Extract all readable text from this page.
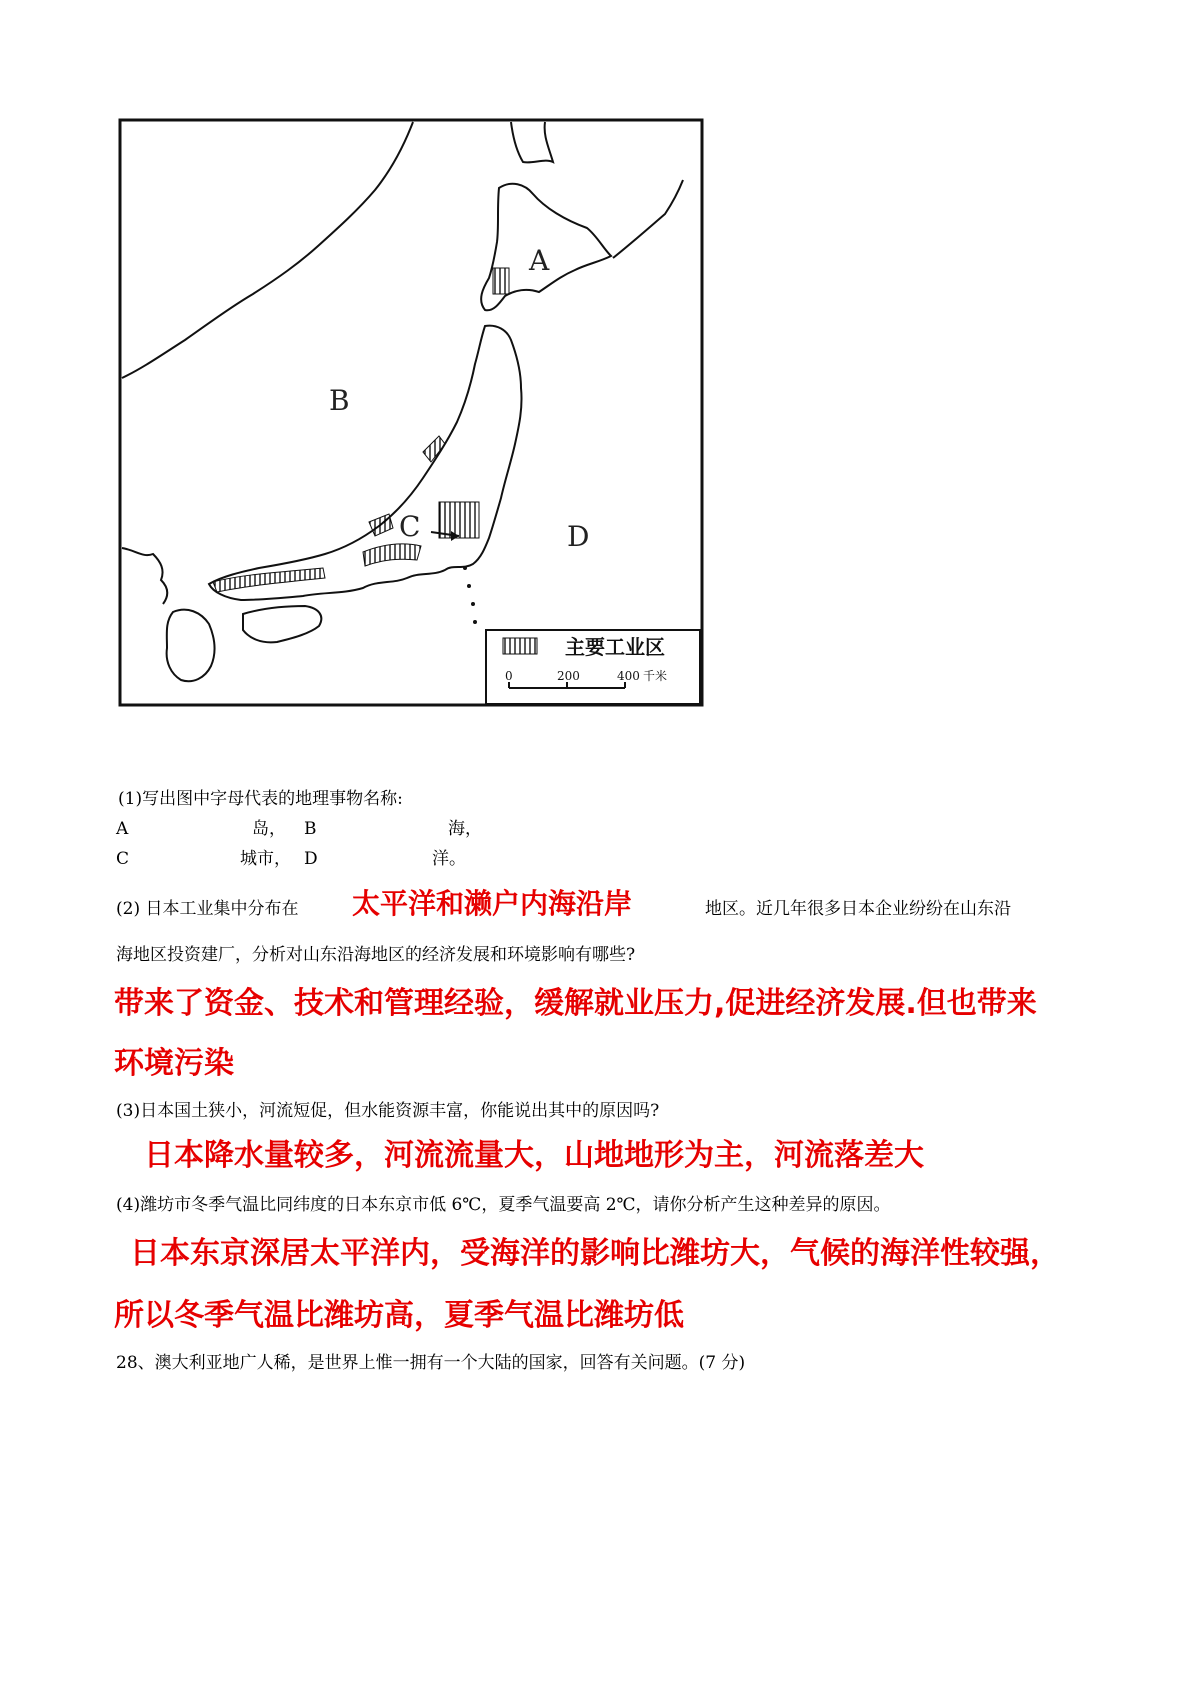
A
B
C	D
主要工业区
0	200	400 千米
(1)写出图中字母代表的地理事物名称:
A	岛， B	海，
C	城市， D	洋。
(2) 日本工业集中分布在 太平洋和濑户内海沿岸	地区。近几年很多日本企业纷纷在山东沿
海地区投资建厂，分析对山东沿海地区的经济发展和环境影响有哪些?
带来了资金、技术和管理经验，缓解就业压力,促进经济发展.但也带来
环境污染
(3)日本国土狭小，河流短促，但水能资源丰富，你能说出其中的原因吗?
日本降水量较多，河流流量大，山地地形为主，河流落差大
(4)潍坊市冬季气温比同纬度的日本东京市低 6℃，夏季气温要高 2℃，请你分析产生这种差异的原因。
日本东京深居太平洋内，受海洋的影响比潍坊大，气候的海洋性较强，
所以冬季气温比潍坊高，夏季气温比潍坊低
28、澳大利亚地广人稀，是世界上惟一拥有一个大陆的国家，回答有关问题。(7 分)
